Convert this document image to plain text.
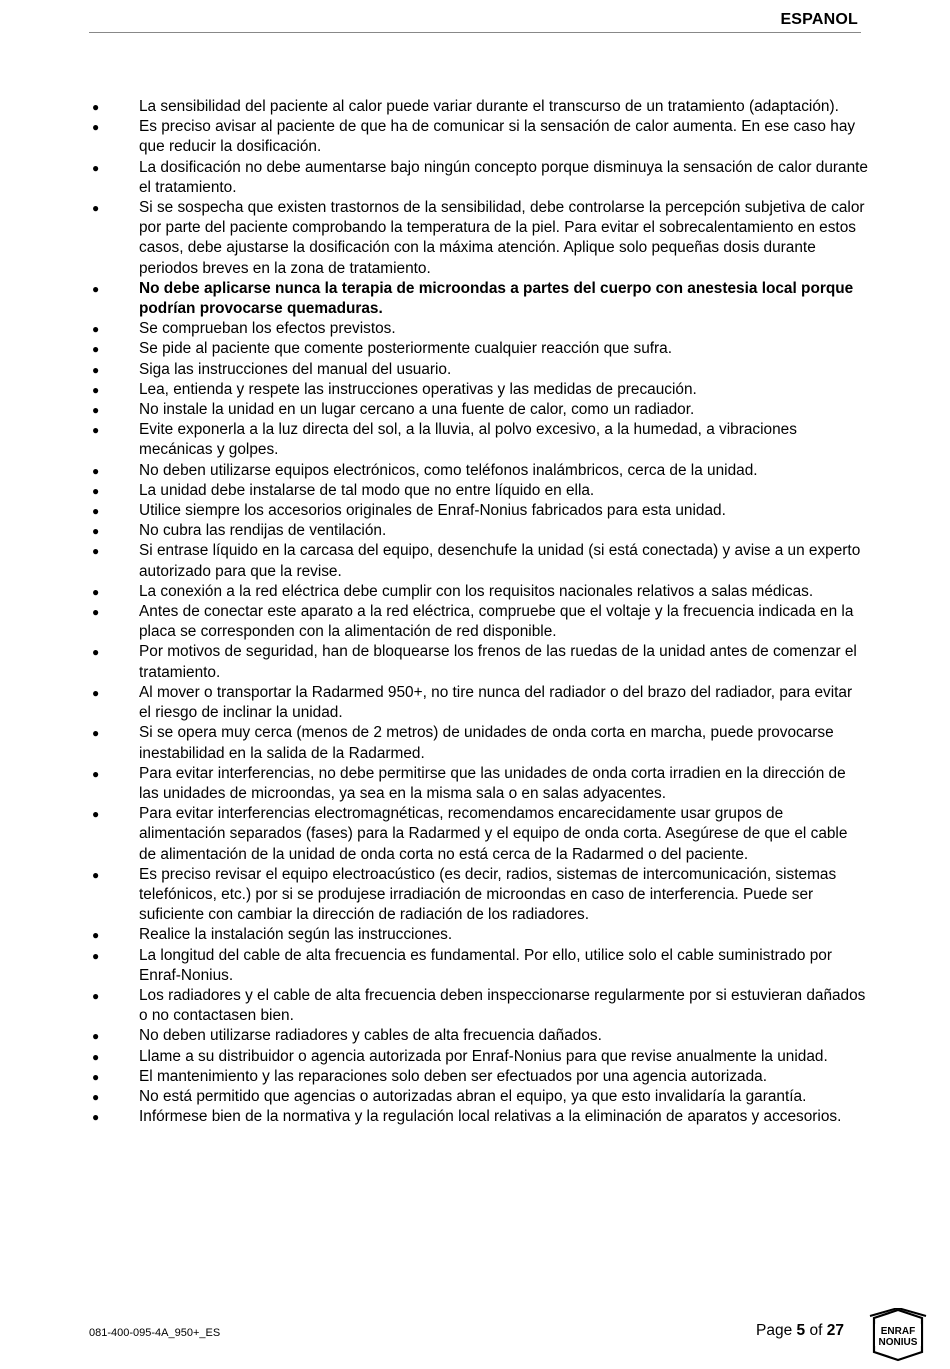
ESPANOL
●	La sensibilidad del paciente al calor puede variar durante el transcurso de un tratamiento (adaptación).
●	Es preciso avisar al paciente de que ha de comunicar si la sensación de calor aumenta. En ese caso hay que reducir la dosificación.
●	La dosificación no debe aumentarse bajo ningún concepto porque disminuya la sensación de calor durante el tratamiento.
●	Si se sospecha que existen trastornos de la sensibilidad, debe controlarse la percepción subjetiva de calor por parte del paciente comprobando la temperatura de la piel. Para evitar el sobrecalentamiento en estos casos, debe ajustarse la dosificación con la máxima atención. Aplique solo pequeñas dosis durante periodos breves en la zona de tratamiento.
●	No debe aplicarse nunca la terapia de microondas a partes del cuerpo con anestesia local porque podrían provocarse quemaduras.
●	Se comprueban los efectos previstos.
●	Se pide al paciente que comente posteriormente cualquier reacción que sufra.
●	Siga las instrucciones del manual del usuario.
●	Lea, entienda y respete las instrucciones operativas y las medidas de precaución.
●	No instale la unidad en un lugar cercano a una fuente de calor, como un radiador.
●	Evite exponerla a la luz directa del sol, a la lluvia, al polvo excesivo, a la humedad, a vibraciones mecánicas y golpes.
●	No deben utilizarse equipos electrónicos, como teléfonos inalámbricos, cerca de la unidad.
●	La unidad debe instalarse de tal modo que no entre líquido en ella.
●	Utilice siempre los accesorios originales de Enraf-Nonius fabricados para esta unidad.
●	No cubra las rendijas de ventilación.
●	Si entrase líquido en la carcasa del equipo, desenchufe la unidad (si está conectada) y avise a un experto autorizado para que la revise.
●	La conexión a la red eléctrica debe cumplir con los requisitos nacionales relativos a salas médicas.
●	Antes de conectar este aparato a la red eléctrica, compruebe que el voltaje y la frecuencia indicada en la placa se corresponden con la alimentación de red disponible.
●	Por motivos de seguridad, han de bloquearse los frenos de las ruedas de la unidad antes de comenzar el tratamiento.
●	Al mover o transportar la Radarmed 950+, no tire nunca del radiador o del brazo del radiador, para evitar el riesgo de inclinar la unidad.
●	Si se opera muy cerca (menos de 2 metros) de unidades de onda corta en marcha, puede provocarse inestabilidad en la salida de la Radarmed.
●	Para evitar interferencias, no debe permitirse que las unidades de onda corta irradien en la dirección de las unidades de microondas, ya sea en la misma sala o en salas adyacentes.
●	Para evitar interferencias electromagnéticas, recomendamos encarecidamente usar grupos de alimentación separados (fases) para la Radarmed y el equipo de onda corta. Asegúrese de que el cable de alimentación de la unidad de onda corta no está cerca de la Radarmed o del paciente.
●	Es preciso revisar el equipo electroacústico (es decir, radios, sistemas de intercomunicación, sistemas telefónicos, etc.) por si se produjese irradiación de microondas en caso de interferencia. Puede ser suficiente con cambiar la dirección de radiación de los radiadores.
●	Realice la instalación según las instrucciones.
●	La longitud del cable de alta frecuencia es fundamental. Por ello, utilice solo el cable suministrado por Enraf-Nonius.
●	Los radiadores y el cable de alta frecuencia deben inspeccionarse regularmente por si estuvieran dañados o no contactasen bien.
●	No deben utilizarse radiadores y cables de alta frecuencia dañados.
●	Llame a su distribuidor o agencia autorizada por Enraf-Nonius para que revise anualmente la unidad.
●	El mantenimiento y las reparaciones solo deben ser efectuados por una agencia autorizada.
●	No está permitido que agencias o autorizadas abran el equipo, ya que esto invalidaría la garantía.
●	Infórmese bien de la normativa y la regulación local relativas a la eliminación de aparatos y accesorios.
081-400-095-4A_950+_ES	Page 5 of 27	ENRAF
NONIUS
